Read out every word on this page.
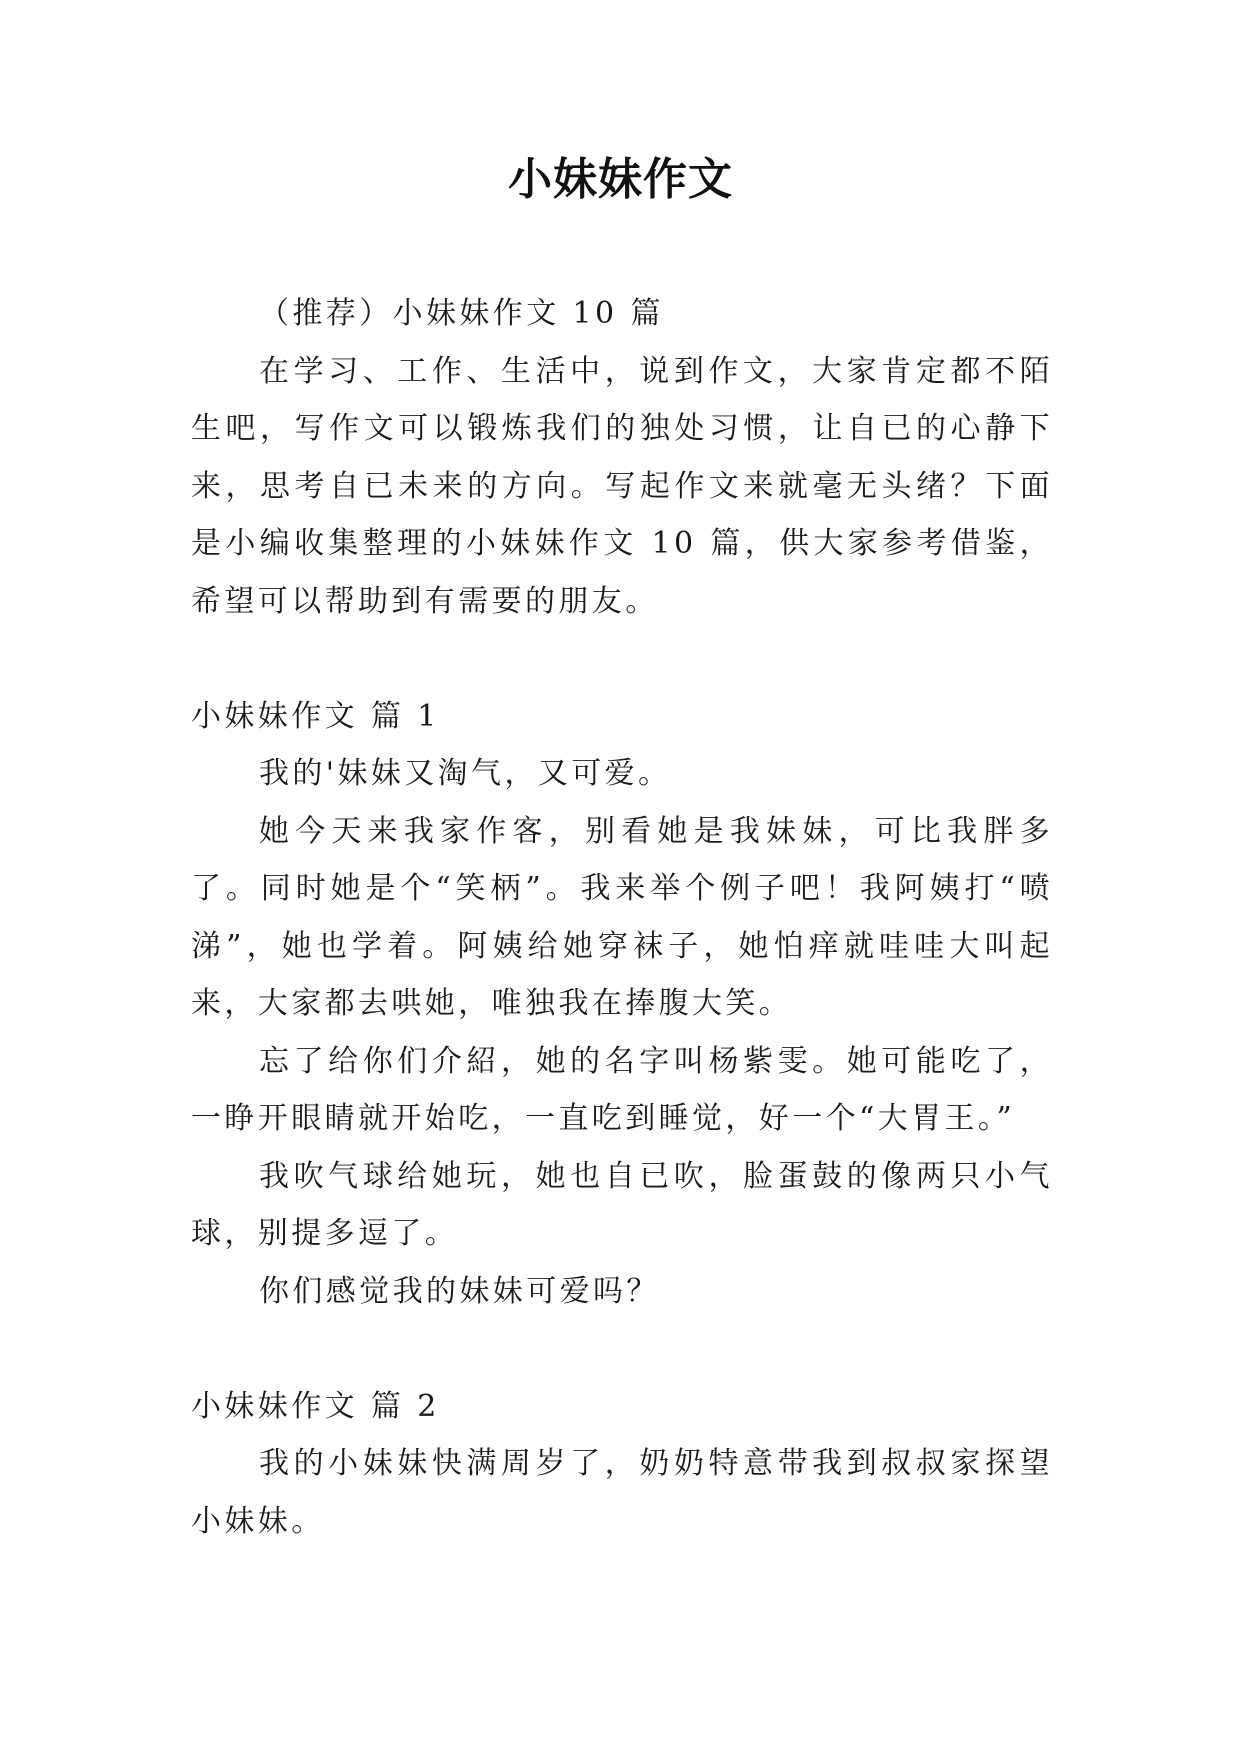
小妹妹作文

（推荐）小妹妹作文 10 篇

在学习、工作、生活中，说到作文，大家肯定都不陌生吧，写作文可以锻炼我们的独处习惯，让自已的心静下来，思考自已未来的方向。写起作文来就毫无头绪？下面是小编收集整理的小妹妹作文 10 篇，供大家参考借鉴，希望可以帮助到有需要的朋友。

小妹妹作文 篇 1

我的'妹妹又淘气，又可爱。

她今天来我家作客，别看她是我妹妹，可比我胖多了。同时她是个“笑柄”。我来举个例子吧！我阿姨打“喷涕”，她也学着。阿姨给她穿袜子，她怕痒就哇哇大叫起来，大家都去哄她，唯独我在捧腹大笑。

忘了给你们介紹，她的名字叫杨紫雯。她可能吃了，一睁开眼睛就开始吃，一直吃到睡觉，好一个“大胃王。”

我吹气球给她玩，她也自已吹，脸蛋鼓的像两只小气球，别提多逗了。

你们感觉我的妹妹可爱吗？

小妹妹作文 篇 2

我的小妹妹快满周岁了，奶奶特意带我到叔叔家探望小妹妹。
